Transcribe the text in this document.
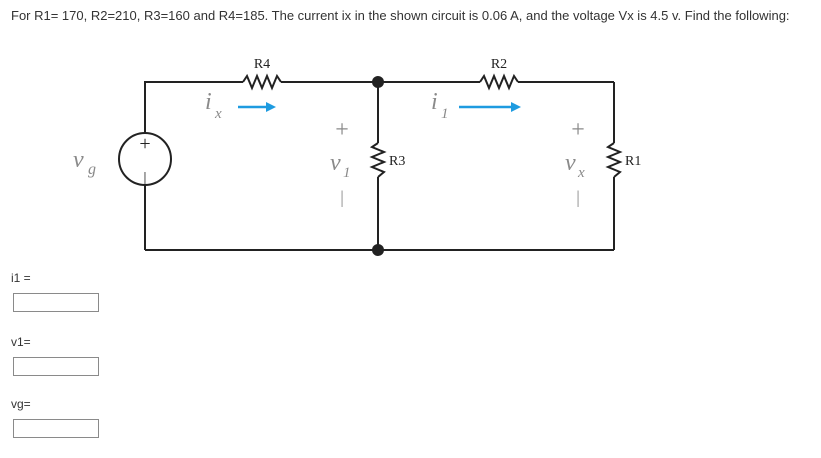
For R1= 170, R2=210, R3=160 and R4=185. The current ix in the shown circuit is 0.06 A, and the voltage Vx is 4.5 v. Find the following:
+
|
R4	R2
R3	R1
v g
i x	i 1
+
v 1
|
+
v x
|
i1 =
v1=
vg=
